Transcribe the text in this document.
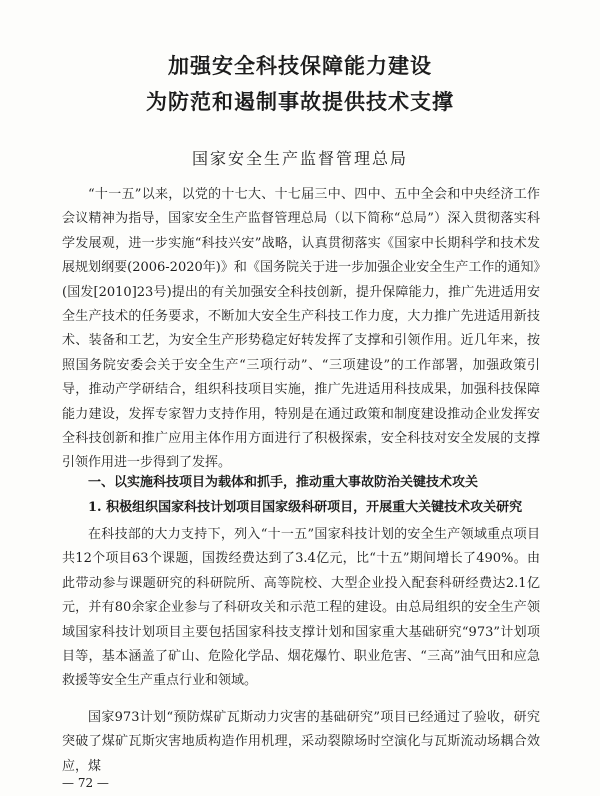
加强安全科技保障能力建设
为防范和遏制事故提供技术支撑
国家安全生产监督管理总局

“十一五”以来，以党的十七大、十七届三中、四中、五中全会和中央经济工作会议精神为指导，国家安全生产监督管理总局（以下简称“总局”）深入贯彻落实科学发展观，进一步实施“科技兴安”战略，认真贯彻落实《国家中长期科学和技术发展规划纲要(2006-2020年)》和《国务院关于进一步加强企业安全生产工作的通知》(国发[2010]23号)提出的有关加强安全科技创新，提升保障能力，推广先进适用安全生产技术的任务要求，不断加大安全生产科技工作力度，大力推广先进适用新技术、装备和工艺，为安全生产形势稳定好转发挥了支撑和引领作用。近几年来，按照国务院安委会关于安全生产“三项行动”、“三项建设”的工作部署，加强政策引导，推动产学研结合，组织科技项目实施，推广先进适用科技成果，加强科技保障能力建设，发挥专家智力支持作用，特别是在通过政策和制度建设推动企业发挥安全科技创新和推广应用主体作用方面进行了积极探索，安全科技对安全发展的支撑引领作用进一步得到了发挥。

一、以实施科技项目为载体和抓手，推动重大事故防治关键技术攻关
1. 积极组织国家科技计划项目国家级科研项目，开展重大关键技术攻关研究

在科技部的大力支持下，列入“十一五”国家科技计划的安全生产领域重点项目共12个项目63个课题，国拨经费达到了3.4亿元，比“十五”期间增长了490%。由此带动参与课题研究的科研院所、高等院校、大型企业投入配套科研经费达2.1亿元，并有80余家企业参与了科研攻关和示范工程的建设。由总局组织的安全生产领域国家科技计划项目主要包括国家科技支撑计划和国家重大基础研究“973”计划项目等，基本涵盖了矿山、危险化学品、烟花爆竹、职业危害、“三高”油气田和应急救援等安全生产重点行业和领域。

国家973计划“预防煤矿瓦斯动力灾害的基础研究”项目已经通过了验收，研究突破了煤矿瓦斯灾害地质构造作用机理，采动裂隙场时空演化与瓦斯流动场耦合效应，煤

— 72 —
